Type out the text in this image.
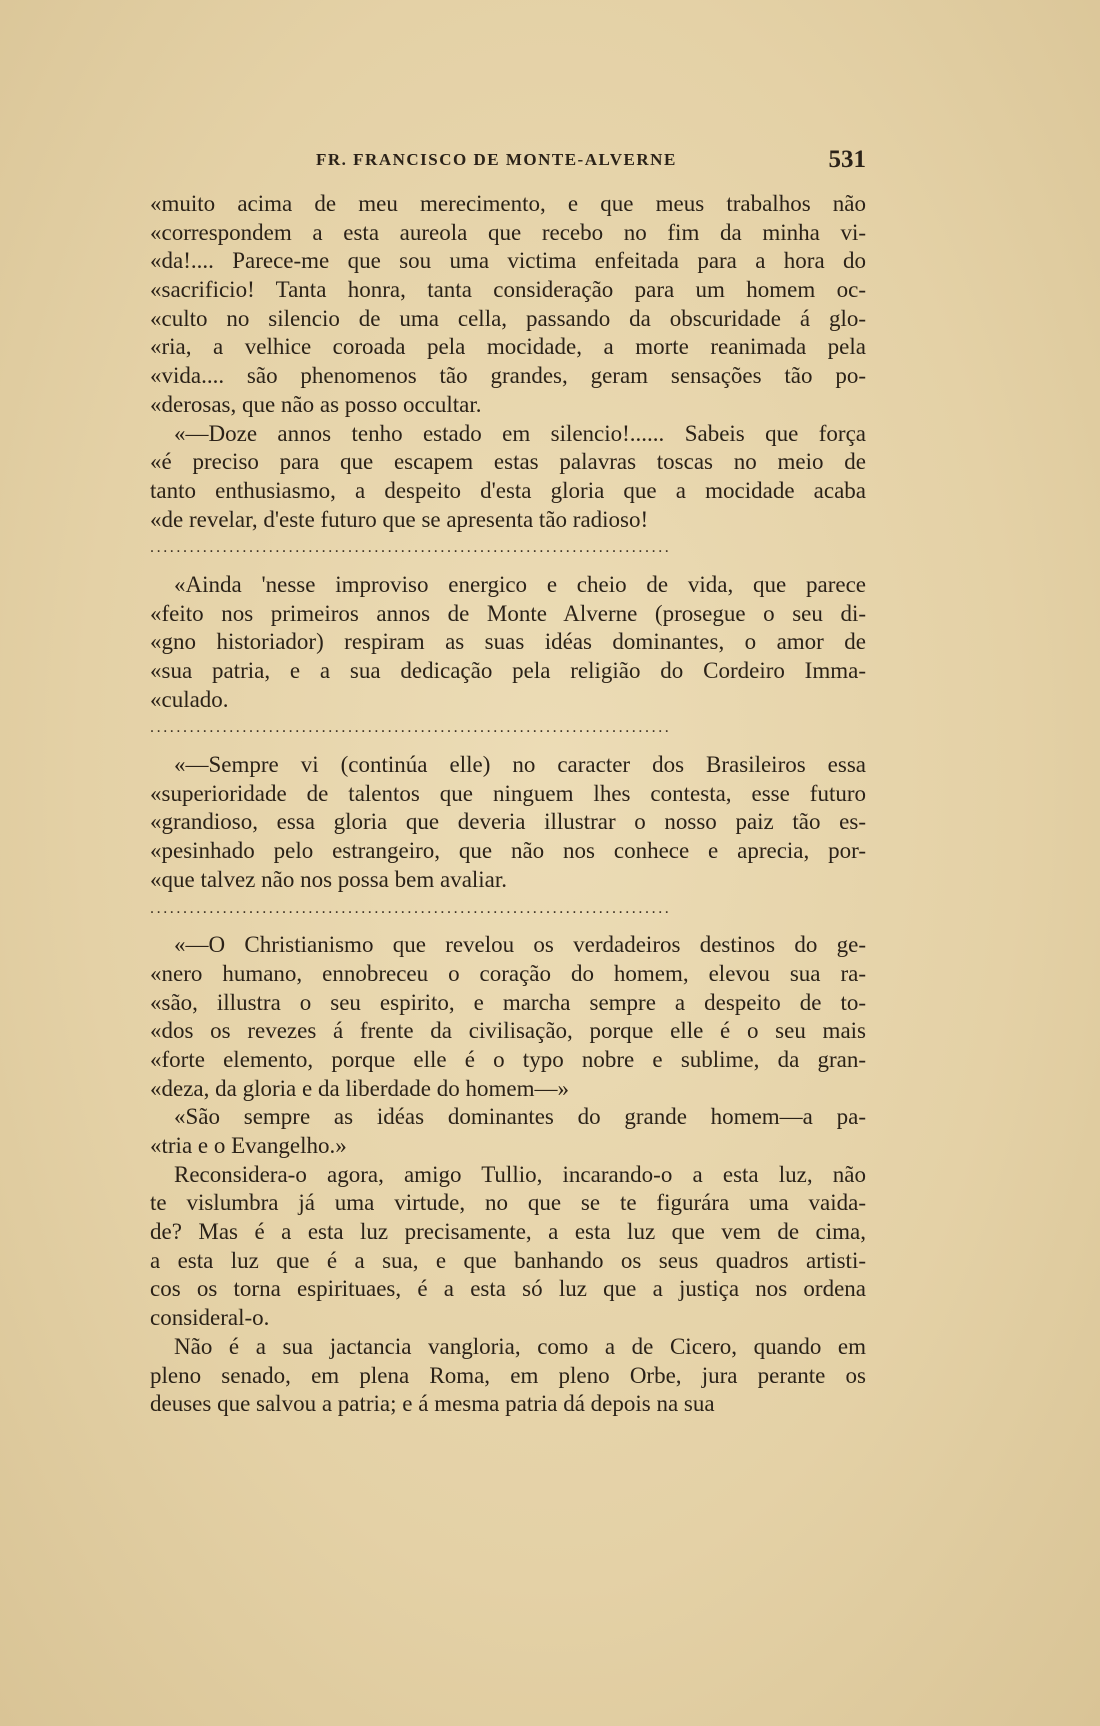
FR. FRANCISCO DE MONTE-ALVERNE	531
«muito acima de meu merecimento, e que meus trabalhos não
«correspondem a esta aureola que recebo no fim da minha vi-
«da!.... Parece-me que sou uma victima enfeitada para a hora do
«sacrificio! Tanta honra, tanta consideração para um homem oc-
«culto no silencio de uma cella, passando da obscuridade á glo-
«ria, a velhice coroada pela mocidade, a morte reanimada pela
«vida.... são phenomenos tão grandes, geram sensações tão po-
«derosas, que não as posso occultar.
«—Doze annos tenho estado em silencio!...... Sabeis que força
«é preciso para que escapem estas palavras toscas no meio de
tanto enthusiasmo, a despeito d'esta gloria que a mocidade acaba
«de revelar, d'este futuro que se apresenta tão radioso!
...............................................................................
«Ainda 'nesse improviso energico e cheio de vida, que parece
«feito nos primeiros annos de Monte Alverne (prosegue o seu di-
«gno historiador) respiram as suas idéas dominantes, o amor de
«sua patria, e a sua dedicação pela religião do Cordeiro Imma-
«culado.
...............................................................................
«—Sempre vi (continúa elle) no caracter dos Brasileiros essa
«superioridade de talentos que ninguem lhes contesta, esse futuro
«grandioso, essa gloria que deveria illustrar o nosso paiz tão es-
«pesinhado pelo estrangeiro, que não nos conhece e aprecia, por-
«que talvez não nos possa bem avaliar.
...............................................................................
«—O Christianismo que revelou os verdadeiros destinos do ge-
«nero humano, ennobreceu o coração do homem, elevou sua ra-
«são, illustra o seu espirito, e marcha sempre a despeito de to-
«dos os revezes á frente da civilisação, porque elle é o seu mais
«forte elemento, porque elle é o typo nobre e sublime, da gran-
«deza, da gloria e da liberdade do homem—»
«São sempre as idéas dominantes do grande homem—a pa-
«tria e o Evangelho.»
Reconsidera-o agora, amigo Tullio, incarando-o a esta luz, não
te vislumbra já uma virtude, no que se te figurára uma vaida-
de? Mas é a esta luz precisamente, a esta luz que vem de cima,
a esta luz que é a sua, e que banhando os seus quadros artisti-
cos os torna espirituaes, é a esta só luz que a justiça nos ordena
consideral-o.
Não é a sua jactancia vangloria, como a de Cicero, quando em
pleno senado, em plena Roma, em pleno Orbe, jura perante os
deuses que salvou a patria; e á mesma patria dá depois na sua
